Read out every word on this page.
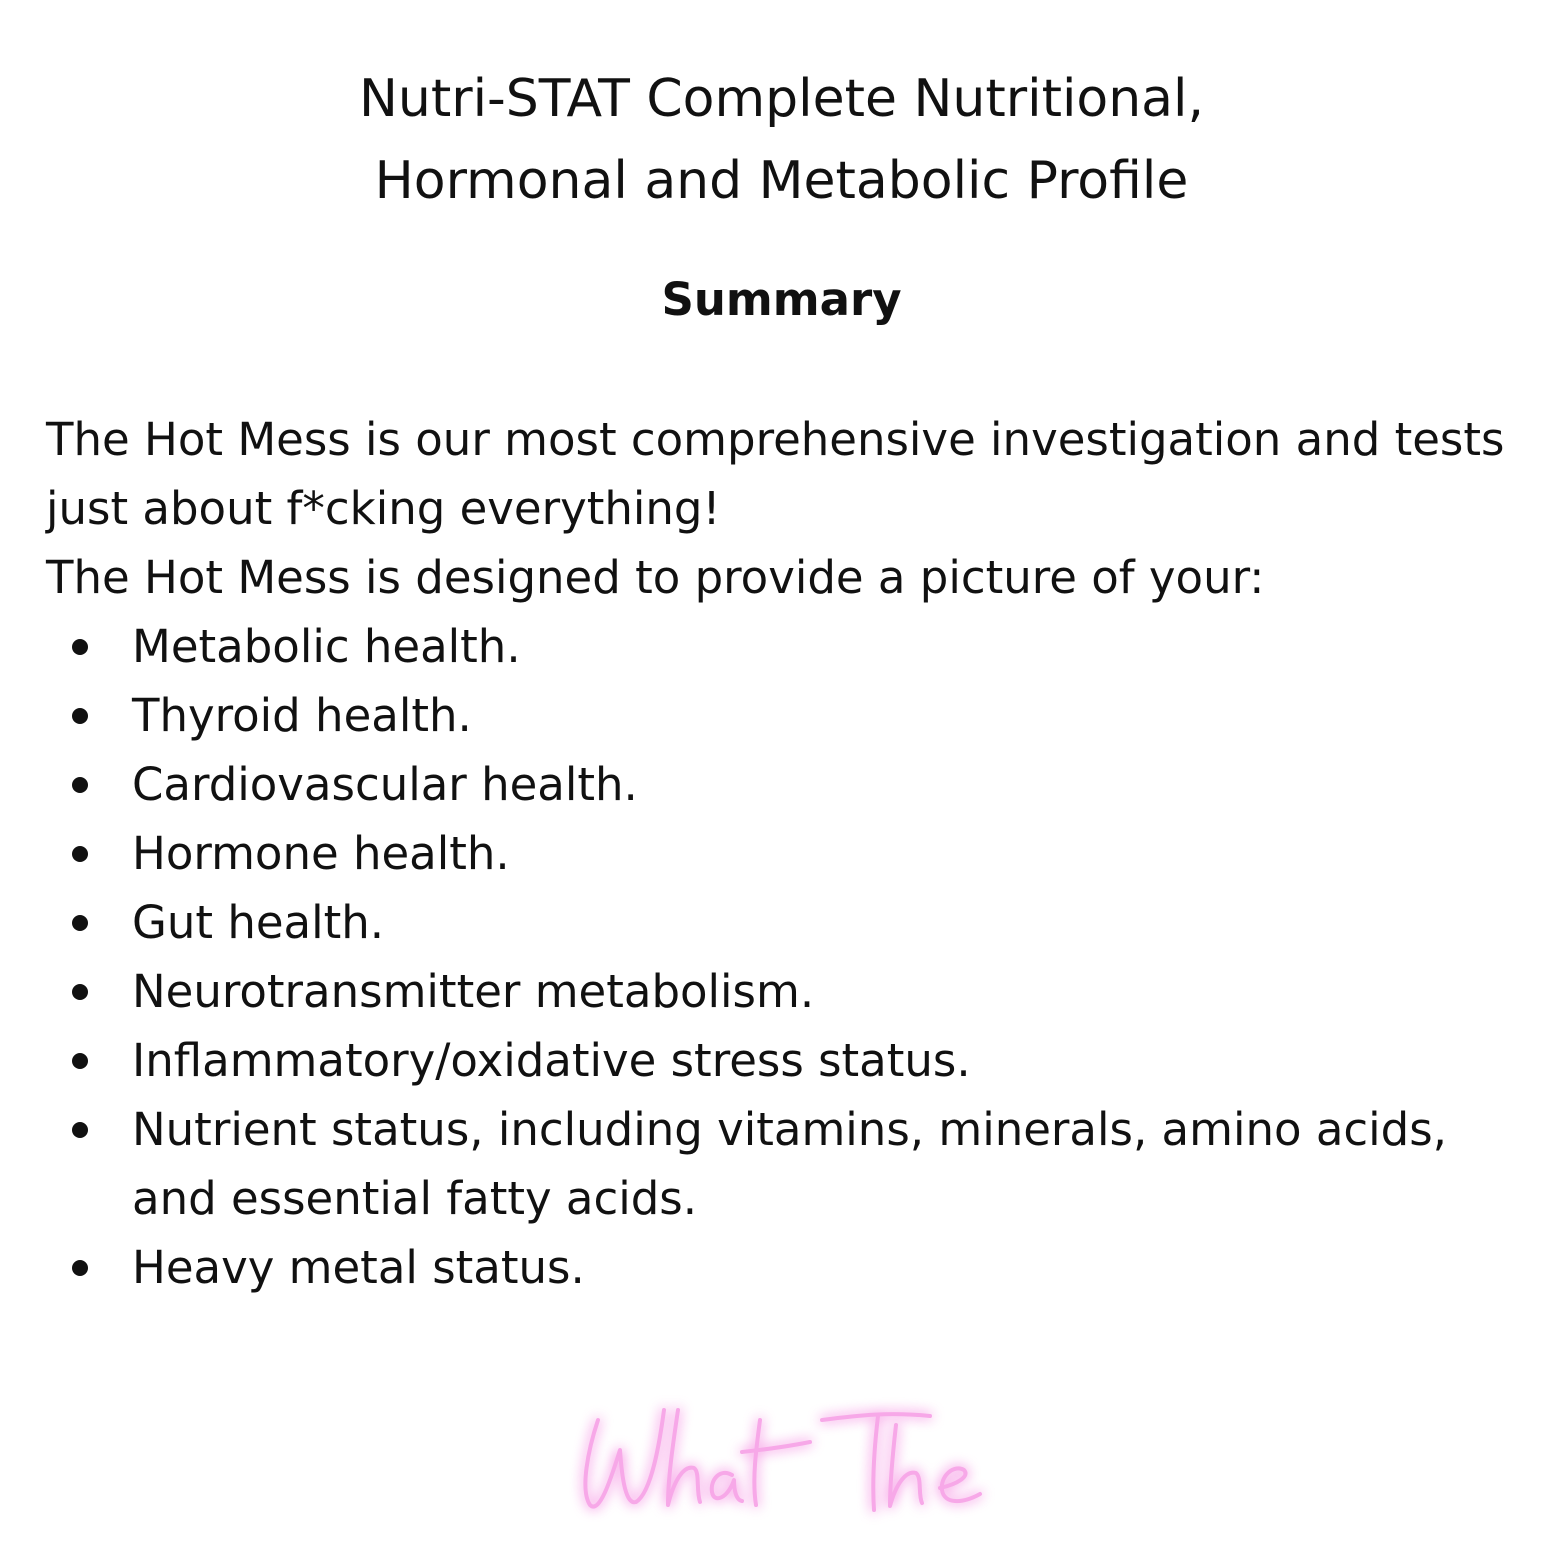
Nutri-STAT Complete Nutritional,
Hormonal and Metabolic Profile
Summary

The Hot Mess is our most comprehensive investigation and tests just about f*cking everything!

The Hot Mess is designed to provide a picture of your:

Metabolic health.
Thyroid health.
Cardiovascular health.
Hormone health.
Gut health.
Neurotransmitter metabolism.
Inflammatory/oxidative stress status.
Nutrient status, including vitamins, minerals, amino acids, and essential fatty acids.
Heavy metal status.
What The
